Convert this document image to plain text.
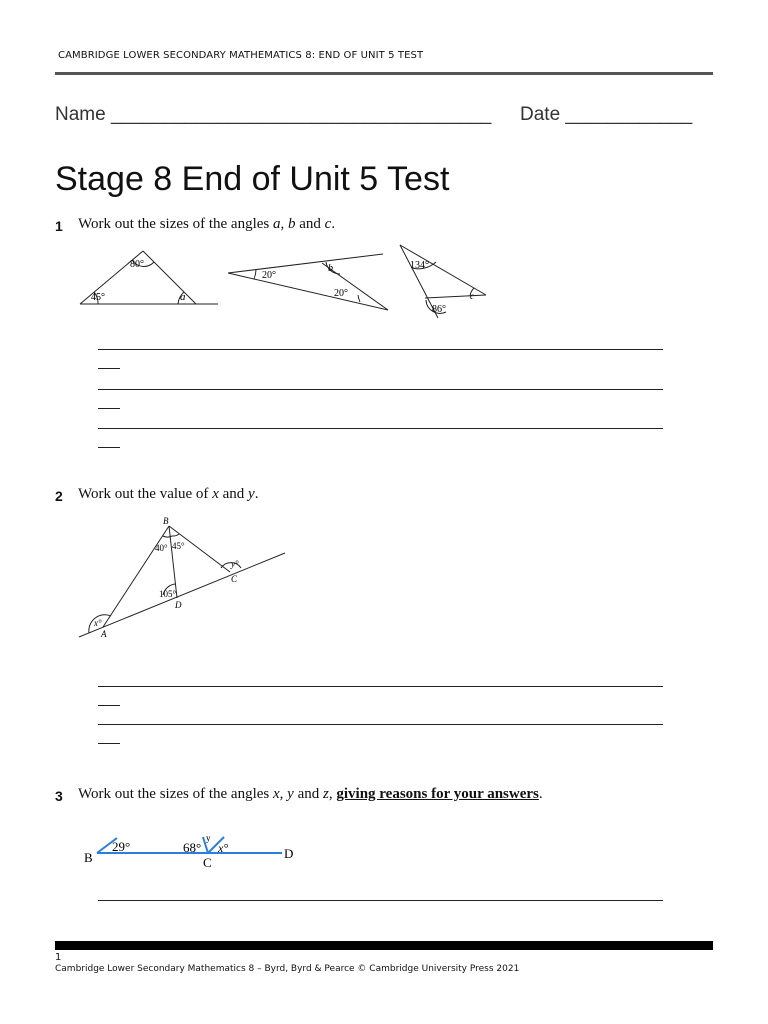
CAMBRIDGE LOWER SECONDARY MATHEMATICS 8: END OF UNIT 5 TEST
Name ____________________________________ Date ____________
Stage 8 End of Unit 5 Test
1 Work out the sizes of the angles a, b and c.
80°
45°	a
20°
b
20°
134°
86°
c
2 Work out the value of x and y.
B
40° 45°
y°
C
105°
D
x°
A
3 Work out the sizes of the angles x, y and z, giving reasons for your answers.
29°
B
68°
y
x°
C
D
1
Cambridge Lower Secondary Mathematics 8 – Byrd, Byrd & Pearce © Cambridge University Press 2021
